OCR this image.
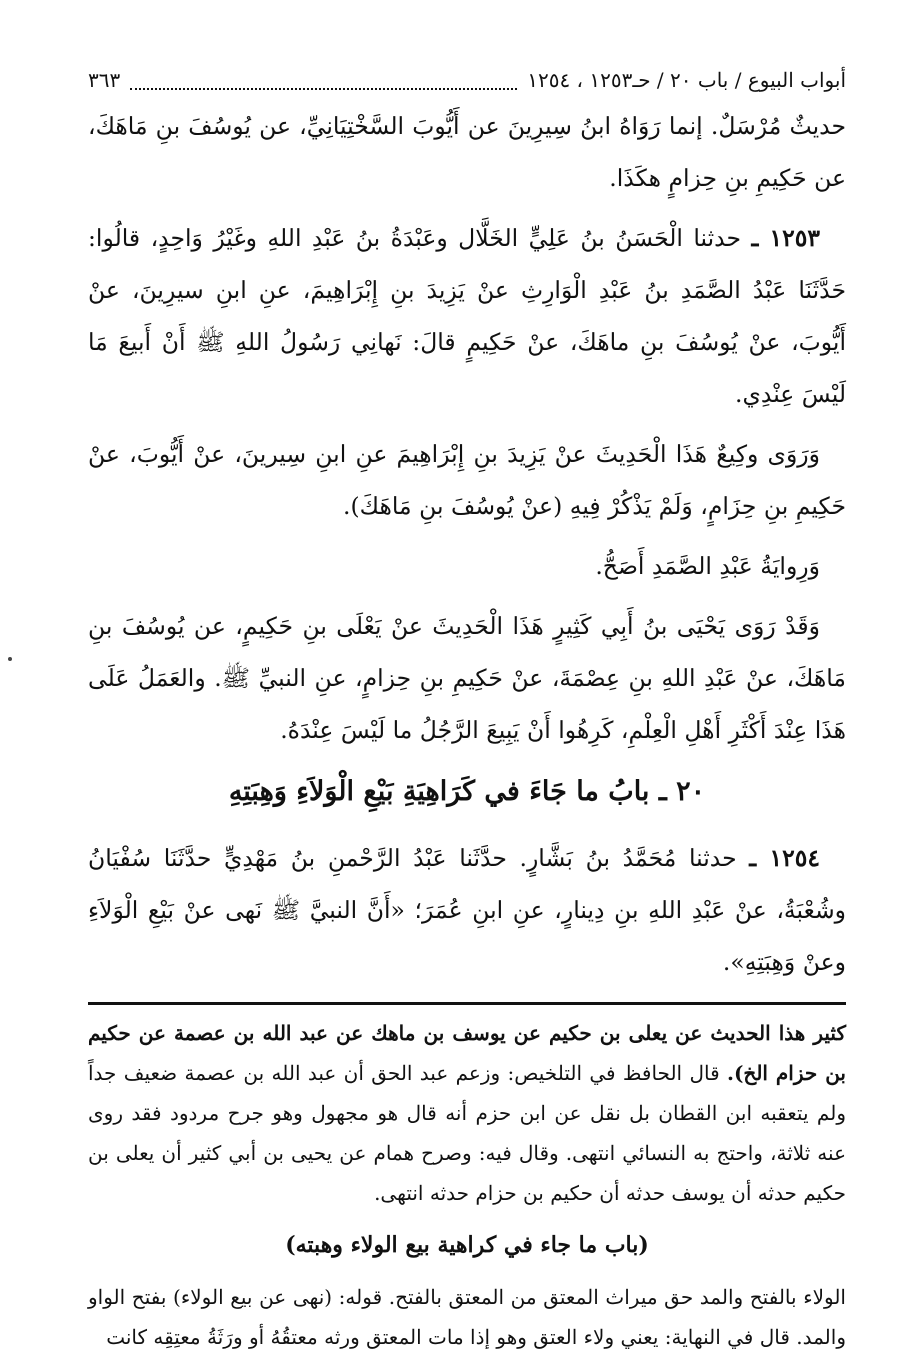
أبواب البيوع / باب ٢٠ / حـ١٢٥٣ ، ١٢٥٤
٣٦٣

حديثٌ مُرْسَلٌ. إنما رَوَاهُ ابنُ سِيرِينَ عن أَيُّوبَ السَّخْتِيَانِيِّ، عن يُوسُفَ بنِ مَاهَكَ، عن حَكِيمِ بنِ حِزامٍ هكَذَا.

١٢٥٣ ـ حدثنا الْحَسَنُ بنُ عَلِيٍّ الخَلَّال وعَبْدَةُ بنُ عَبْدِ اللهِ وغَيْرُ وَاحِدٍ، قالُوا: حَدَّثَنَا عَبْدُ الصَّمَدِ بنُ عَبْدِ الْوَارِثِ عنْ يَزِيدَ بنِ إِبْرَاهِيمَ، عنِ ابنِ سيرِينَ، عنْ أَيُّوبَ، عنْ يُوسُفَ بنِ ماهَكَ، عنْ حَكِيمٍ قالَ: نَهانِي رَسُولُ اللهِ ﷺ أَنْ أَبيعَ مَا لَيْسَ عِنْدِي.

وَرَوَى وكِيعٌ هَذَا الْحَدِيثَ عنْ يَزِيدَ بنِ إِبْرَاهِيمَ عنِ ابنِ سِيرينَ، عنْ أَيُّوبَ، عنْ حَكِيمِ بنِ حِزَامٍ، وَلَمْ يَذْكُرْ فِيهِ (عنْ يُوسُفَ بنِ مَاهَكَ).

وَرِوايَةُ عَبْدِ الصَّمَدِ أَصَحُّ.

وَقَدْ رَوَى يَحْيَى بنُ أَبِي كَثِيرٍ هَذَا الْحَدِيثَ عنْ يَعْلَى بنِ حَكِيمٍ، عن يُوسُفَ بنِ مَاهَكَ، عنْ عَبْدِ اللهِ بنِ عِصْمَةَ، عنْ حَكِيمِ بنِ حِزامٍ، عنِ النبيِّ ﷺ. والعَمَلُ عَلَى هَذَا عِنْدَ أَكْثَرِ أَهْلِ الْعِلْمِ، كَرِهُوا أَنْ يَبِيعَ الرَّجُلُ ما لَيْسَ عِنْدَهُ.

٢٠ ـ بابُ ما جَاءَ في كَرَاهِيَةِ بَيْعِ الْوَلاَءِ وَهِبَتِهِ

١٢٥٤ ـ حدثنا مُحَمَّدُ بنُ بَشَّارٍ. حدَّثَنا عَبْدُ الرَّحْمنِ بنُ مَهْدِيٍّ حدَّثَنَا سُفْيَانُ وشُعْبَةُ، عنْ عَبْدِ اللهِ بنِ دِينارٍ، عنِ ابنِ عُمَرَ؛ «أَنَّ النبيَّ ﷺ نَهى عنْ بَيْعِ الْوَلاَءِ وعنْ وَهِبَتِهِ».

كثير هذا الحديث عن يعلى بن حكيم عن يوسف بن ماهك عن عبد الله بن عصمة عن حكيم بن حزام الخ). قال الحافظ في التلخيص: وزعم عبد الحق أن عبد الله بن عصمة ضعيف جداً ولم يتعقبه ابن القطان بل نقل عن ابن حزم أنه قال هو مجهول وهو جرح مردود فقد روى عنه ثلاثة، واحتج به النسائي انتهى. وقال فيه: وصرح همام عن يحيى بن أبي كثير أن يعلى بن حكيم حدثه أن يوسف حدثه أن حكيم بن حزام حدثه انتهى.

(باب ما جاء في كراهية بيع الولاء وهبته)

الولاء بالفتح والمد حق ميراث المعتق من المعتق بالفتح. قوله: (نهى عن بيع الولاء) بفتح الواو والمد. قال في النهاية: يعني ولاء العتق وهو إذا مات المعتق ورثه معتقُهُ أو ورَثَةُ معتِقِه كانت
